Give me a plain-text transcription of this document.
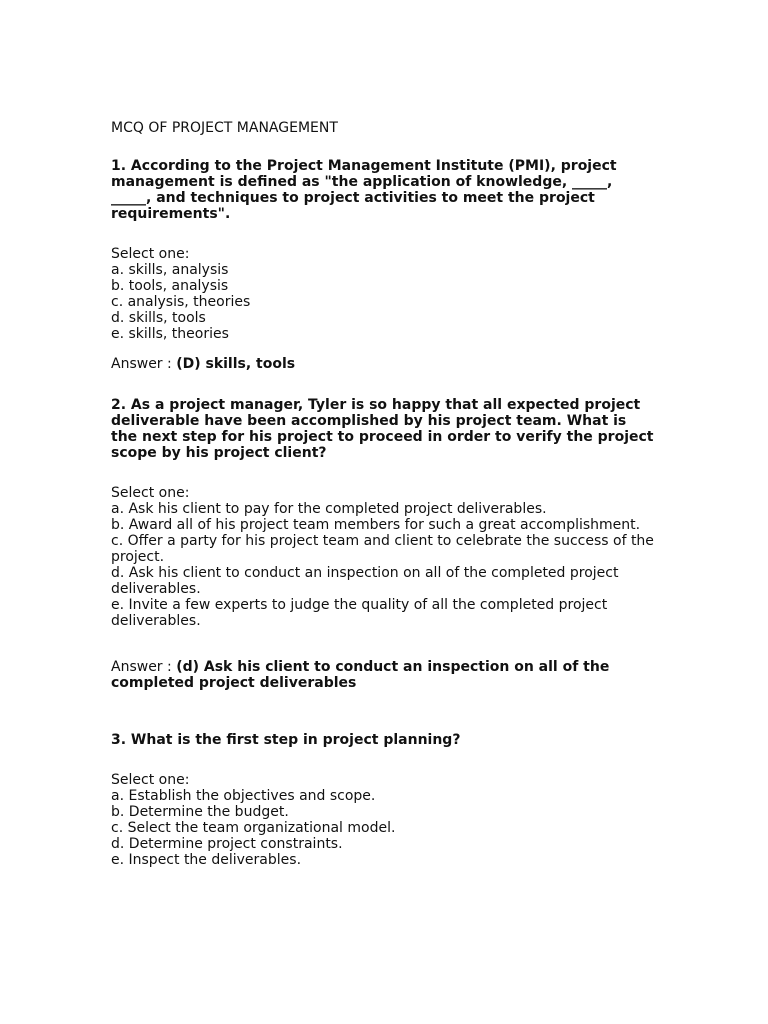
MCQ OF PROJECT MANAGEMENT

1. According to the Project Management Institute (PMI), project management is defined as "the application of knowledge, _____, _____, and techniques to project activities to meet the project requirements".

Select one:
a. skills, analysis
b. tools, analysis
c. analysis, theories
d. skills, tools
e. skills, theories

Answer : (D) skills, tools

2. As a project manager, Tyler is so happy that all expected project deliverable have been accomplished by his project team. What is the next step for his project to proceed in order to verify the project scope by his project client?

Select one:
a. Ask his client to pay for the completed project deliverables.
b. Award all of his project team members for such a great accomplishment.
c. Offer a party for his project team and client to celebrate the success of the project.
d. Ask his client to conduct an inspection on all of the completed project deliverables.
e. Invite a few experts to judge the quality of all the completed project deliverables.

Answer : (d) Ask his client to conduct an inspection on all of the completed project deliverables

3. What is the first step in project planning?

Select one:
a. Establish the objectives and scope.
b. Determine the budget.
c. Select the team organizational model.
d. Determine project constraints.
e. Inspect the deliverables.
